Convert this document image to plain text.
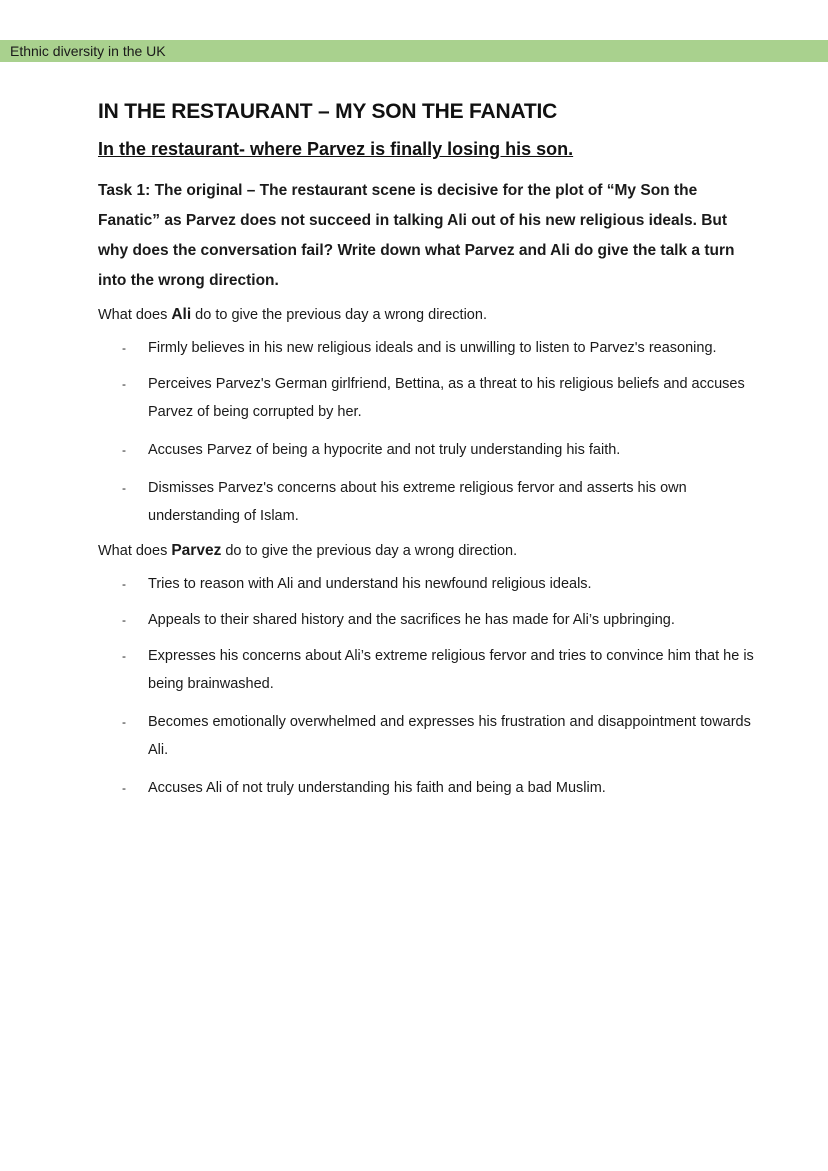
Ethnic diversity in the UK
IN THE RESTAURANT – MY SON THE FANATIC
In the restaurant- where Parvez is finally losing his son.

Task 1: The original – The restaurant scene is decisive for the plot of “My Son the Fanatic” as Parvez does not succeed in talking Ali out of his new religious ideals. But why does the conversation fail? Write down what Parvez and Ali do give the talk a turn into the wrong direction.

What does Ali do to give the previous day a wrong direction.

- Firmly believes in his new religious ideals and is unwilling to listen to Parvez's reasoning.
- Perceives Parvez's German girlfriend, Bettina, as a threat to his religious beliefs and accuses Parvez of being corrupted by her.
- Accuses Parvez of being a hypocrite and not truly understanding his faith.
- Dismisses Parvez's concerns about his extreme religious fervor and asserts his own understanding of Islam.

What does Parvez do to give the previous day a wrong direction.

- Tries to reason with Ali and understand his newfound religious ideals.
- Appeals to their shared history and the sacrifices he has made for Ali’s upbringing.
- Expresses his concerns about Ali’s extreme religious fervor and tries to convince him that he is being brainwashed.
- Becomes emotionally overwhelmed and expresses his frustration and disappointment towards Ali.
- Accuses Ali of not truly understanding his faith and being a bad Muslim.
